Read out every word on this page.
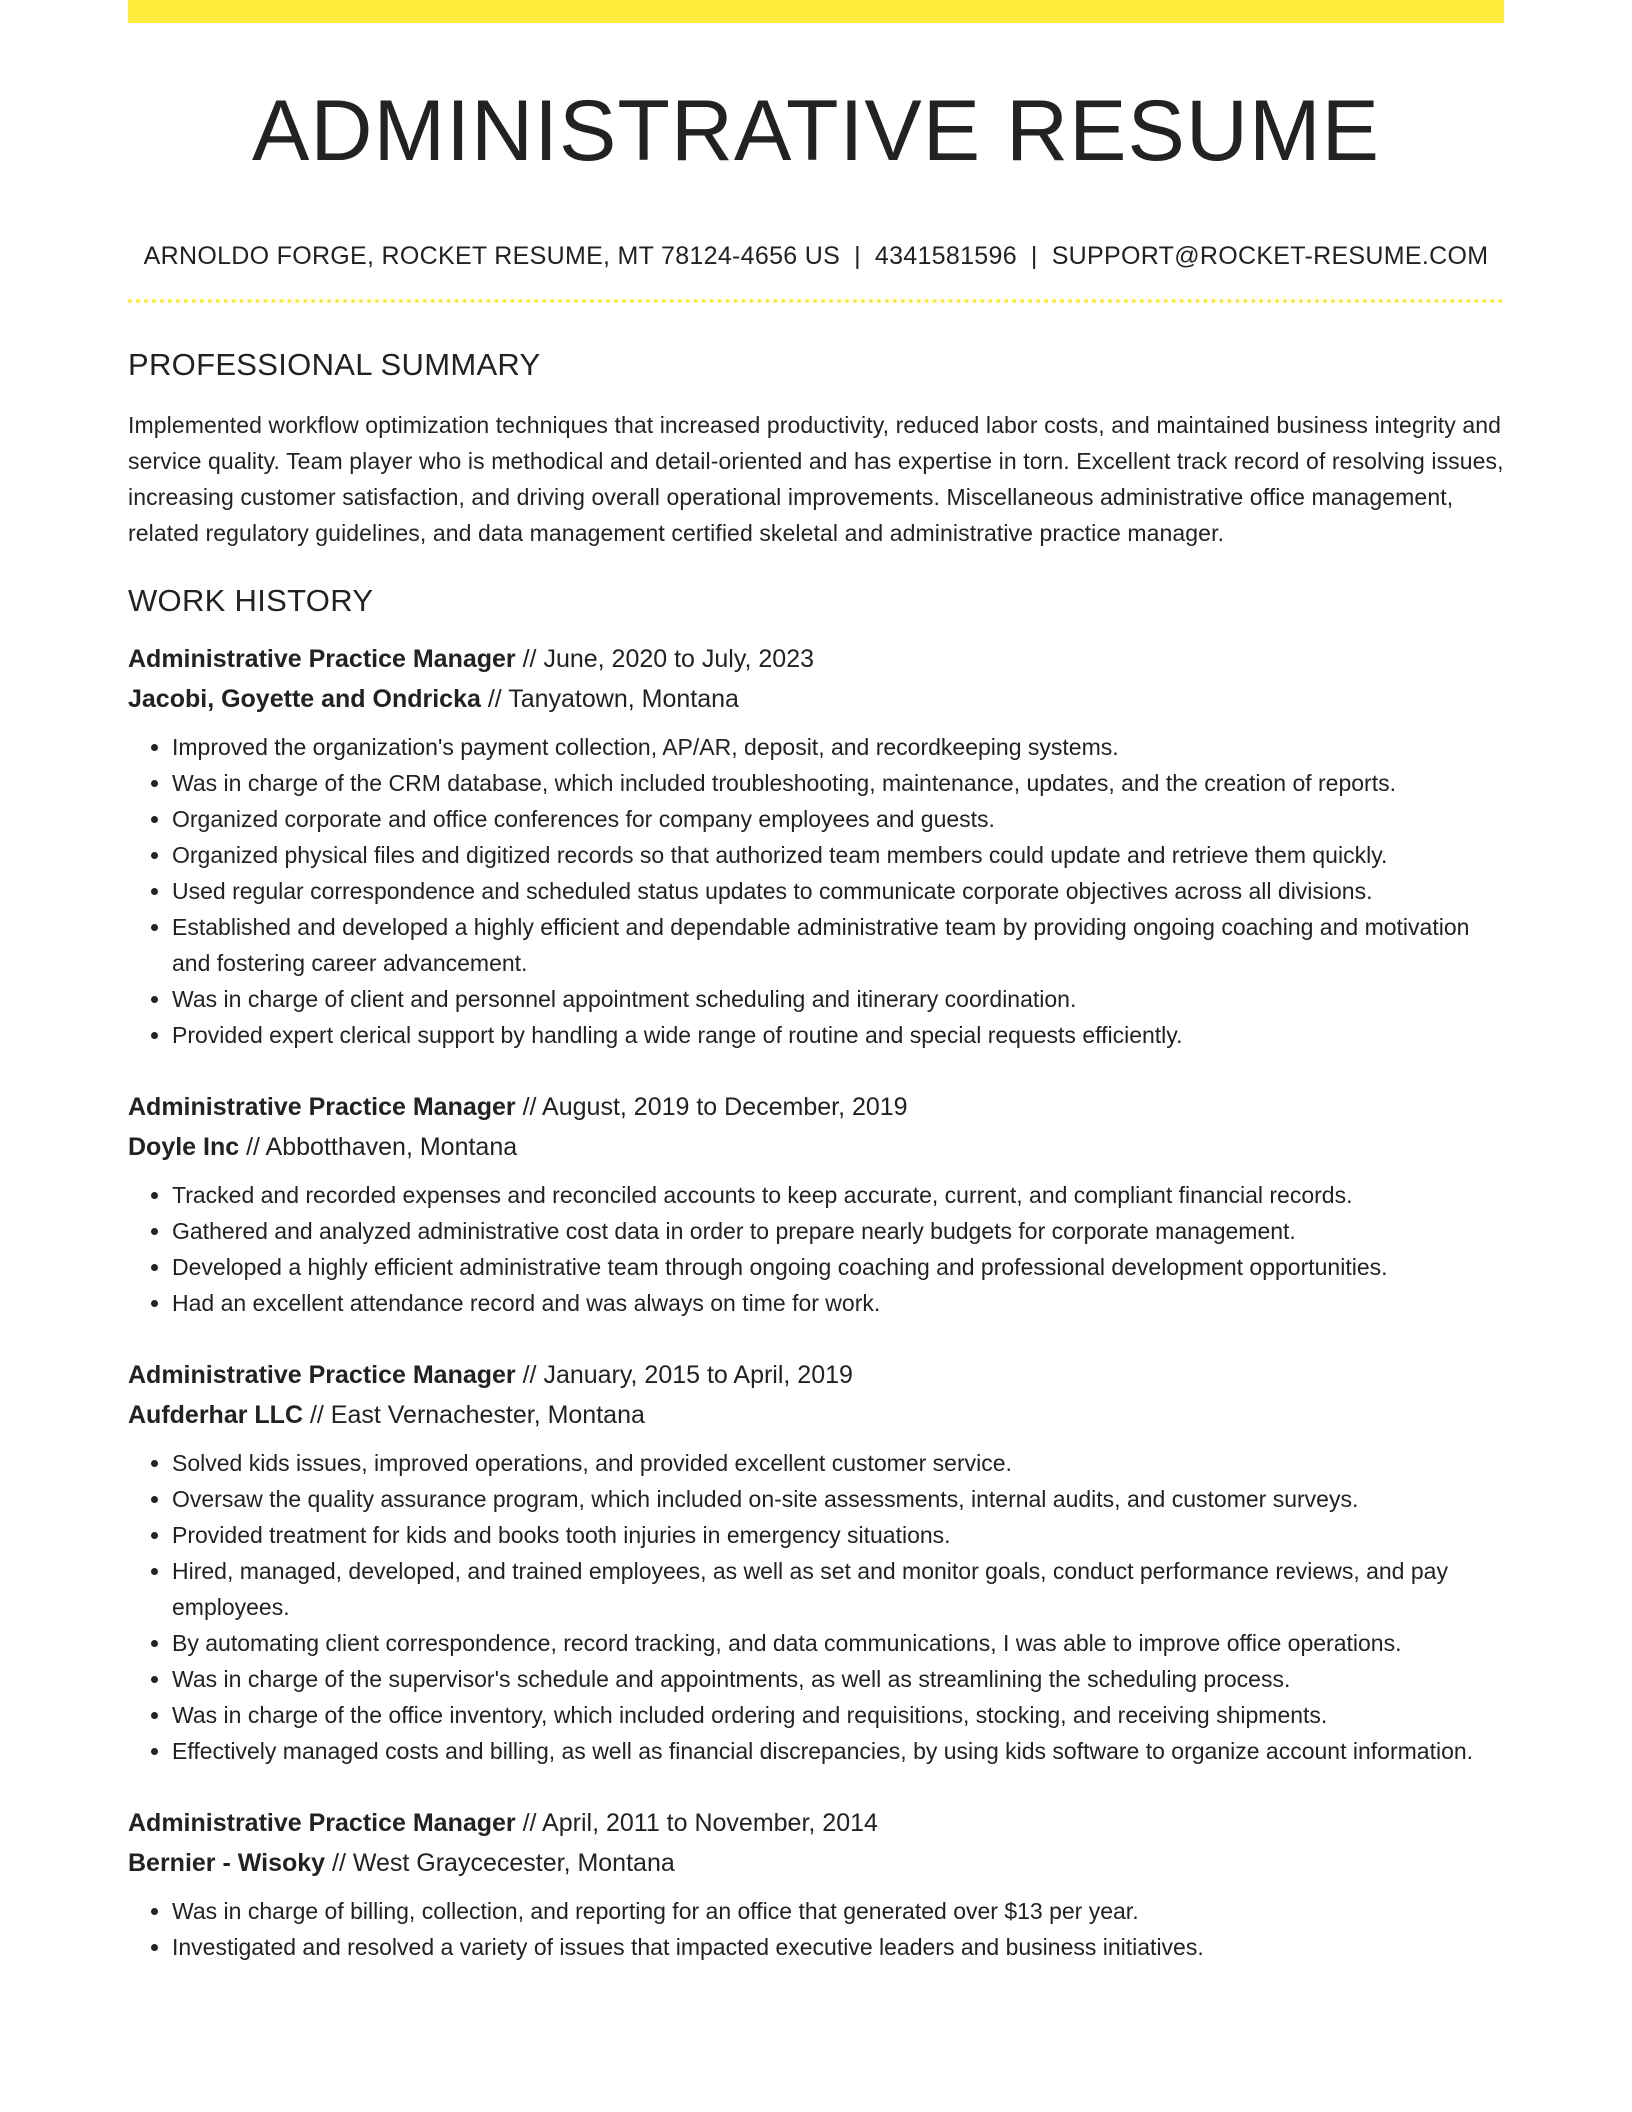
ADMINISTRATIVE RESUME
ARNOLDO FORGE, ROCKET RESUME, MT 78124-4656 US | 4341581596 | SUPPORT@ROCKET-RESUME.COM
PROFESSIONAL SUMMARY

Implemented workflow optimization techniques that increased productivity, reduced labor costs, and maintained business integrity and service quality. Team player who is methodical and detail-oriented and has expertise in torn. Excellent track record of resolving issues, increasing customer satisfaction, and driving overall operational improvements. Miscellaneous administrative office management, related regulatory guidelines, and data management certified skeletal and administrative practice manager.

WORK HISTORY
Administrative Practice Manager // June, 2020 to July, 2023
Jacobi, Goyette and Ondricka // Tanyatown, Montana
• Improved the organization's payment collection, AP/AR, deposit, and recordkeeping systems.
• Was in charge of the CRM database, which included troubleshooting, maintenance, updates, and the creation of reports.
• Organized corporate and office conferences for company employees and guests.
• Organized physical files and digitized records so that authorized team members could update and retrieve them quickly.
• Used regular correspondence and scheduled status updates to communicate corporate objectives across all divisions.
• Established and developed a highly efficient and dependable administrative team by providing ongoing coaching and motivation and fostering career advancement.
• Was in charge of client and personnel appointment scheduling and itinerary coordination.
• Provided expert clerical support by handling a wide range of routine and special requests efficiently.
Administrative Practice Manager // August, 2019 to December, 2019
Doyle Inc // Abbotthaven, Montana
• Tracked and recorded expenses and reconciled accounts to keep accurate, current, and compliant financial records.
• Gathered and analyzed administrative cost data in order to prepare nearly budgets for corporate management.
• Developed a highly efficient administrative team through ongoing coaching and professional development opportunities.
• Had an excellent attendance record and was always on time for work.
Administrative Practice Manager // January, 2015 to April, 2019
Aufderhar LLC // East Vernachester, Montana
• Solved kids issues, improved operations, and provided excellent customer service.
• Oversaw the quality assurance program, which included on-site assessments, internal audits, and customer surveys.
• Provided treatment for kids and books tooth injuries in emergency situations.
• Hired, managed, developed, and trained employees, as well as set and monitor goals, conduct performance reviews, and pay employees.
• By automating client correspondence, record tracking, and data communications, I was able to improve office operations.
• Was in charge of the supervisor's schedule and appointments, as well as streamlining the scheduling process.
• Was in charge of the office inventory, which included ordering and requisitions, stocking, and receiving shipments.
• Effectively managed costs and billing, as well as financial discrepancies, by using kids software to organize account information.
Administrative Practice Manager // April, 2011 to November, 2014
Bernier - Wisoky // West Graycecester, Montana
• Was in charge of billing, collection, and reporting for an office that generated over $13 per year.
• Investigated and resolved a variety of issues that impacted executive leaders and business initiatives.
